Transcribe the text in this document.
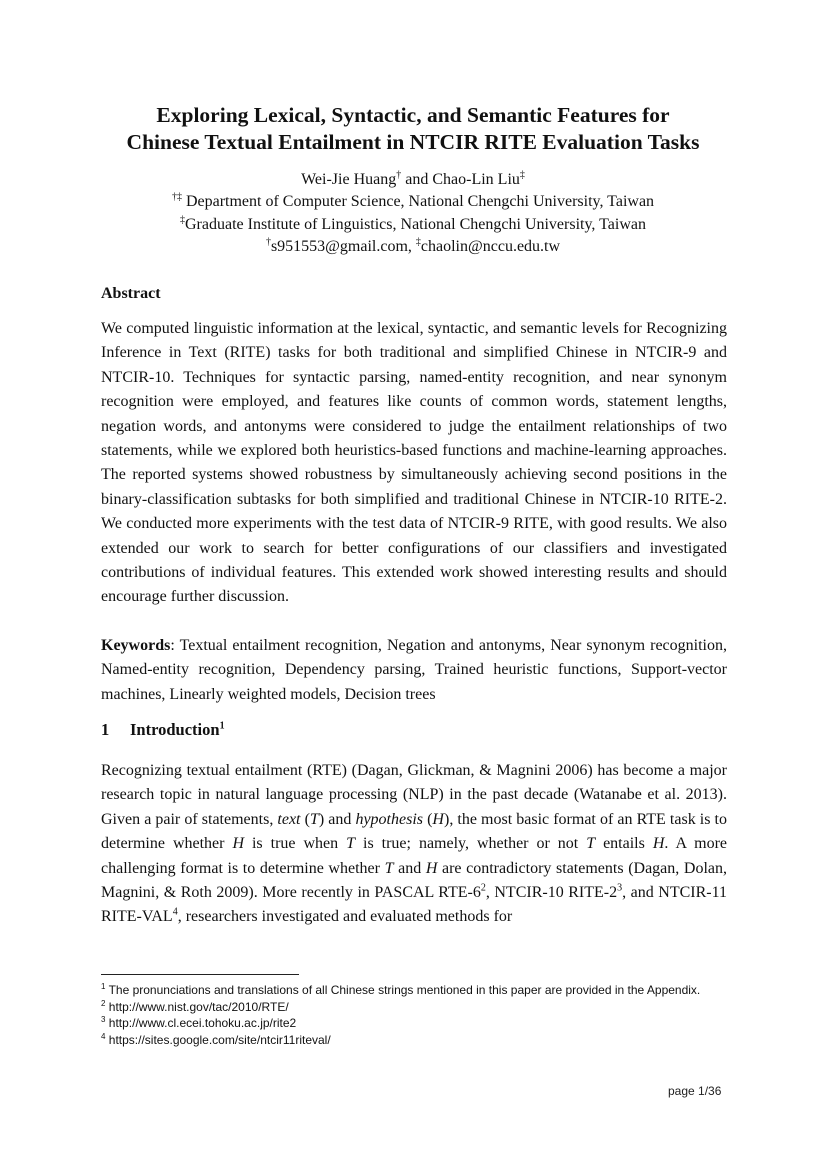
Exploring Lexical, Syntactic, and Semantic Features for
Chinese Textual Entailment in NTCIR RITE Evaluation Tasks
Wei-Jie Huang† and Chao-Lin Liu‡
†‡ Department of Computer Science, National Chengchi University, Taiwan
‡Graduate Institute of Linguistics, National Chengchi University, Taiwan
†s951553@gmail.com, ‡chaolin@nccu.edu.tw
Abstract
We computed linguistic information at the lexical, syntactic, and semantic levels for Recognizing Inference in Text (RITE) tasks for both traditional and simplified Chinese in NTCIR-9 and NTCIR-10. Techniques for syntactic parsing, named-entity recognition, and near synonym recognition were employed, and features like counts of common words, statement lengths, negation words, and antonyms were considered to judge the entailment relationships of two statements, while we explored both heuristics-based functions and machine-learning approaches. The reported systems showed robustness by simultaneously achieving second positions in the binary-classification subtasks for both simplified and traditional Chinese in NTCIR-10 RITE-2. We conducted more experiments with the test data of NTCIR-9 RITE, with good results. We also extended our work to search for better configurations of our classifiers and investigated contributions of individual features. This extended work showed interesting results and should encourage further discussion.
Keywords: Textual entailment recognition, Negation and antonyms, Near synonym recognition, Named-entity recognition, Dependency parsing, Trained heuristic functions, Support-vector machines, Linearly weighted models, Decision trees
1 Introduction$^1$
Recognizing textual entailment (RTE) (Dagan, Glickman, & Magnini 2006) has become a major research topic in natural language processing (NLP) in the past decade (Watanabe et al. 2013). Given a pair of statements, text (T) and hypothesis (H), the most basic format of an RTE task is to determine whether H is true when T is true; namely, whether or not T entails H. A more challenging format is to determine whether T and H are contradictory statements (Dagan, Dolan, Magnini, & Roth 2009). More recently in PASCAL RTE-$6^2$, NTCIR-10 RITE-$2^3$, and NTCIR-11 RITE-VAL$^4$, researchers investigated and evaluated methods for

$^1$ The pronunciations and translations of all Chinese strings mentioned in this paper are provided in the Appendix.

$^2$ http://www.nist.gov/tac/2010/RTE/

$^3$ http://www.cl.ecei.tohoku.ac.jp/rite2

$^4$ https://sites.google.com/site/ntcir11riteval/

page 1/36
